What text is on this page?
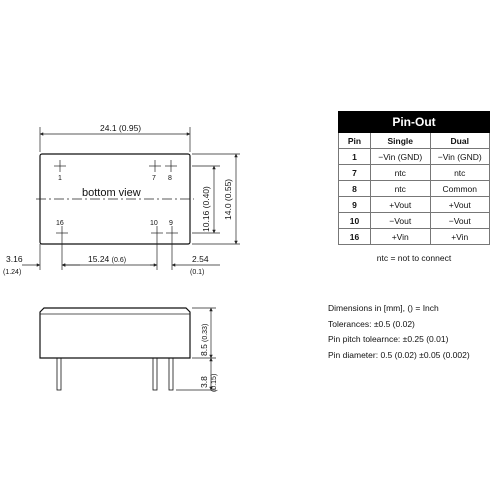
24.1 (0.95)
1	7 8
bottom view
16	10 9	10.16 (0.40)
14.0 (0.55)
3.16
(1.24)
15.24 (0.6)	2.54
(0.1)
8.5
(0.33)
3.8 (0.15)
Pin-Out		
Pin	Single	Dual
1	−Vin (GND)	−Vin (GND)
7	ntc	ntc
8	ntc	Common
9	+Vout	+Vout
10	−Vout	−Vout
16	+Vin	+Vin
ntc = not to connect
Dimensions in [mm], () = Inch
Tolerances: ±0.5 (0.02)
Pin pitch tolearnce: ±0.25 (0.01)
Pin diameter: 0.5 (0.02) ±0.05 (0.002)
